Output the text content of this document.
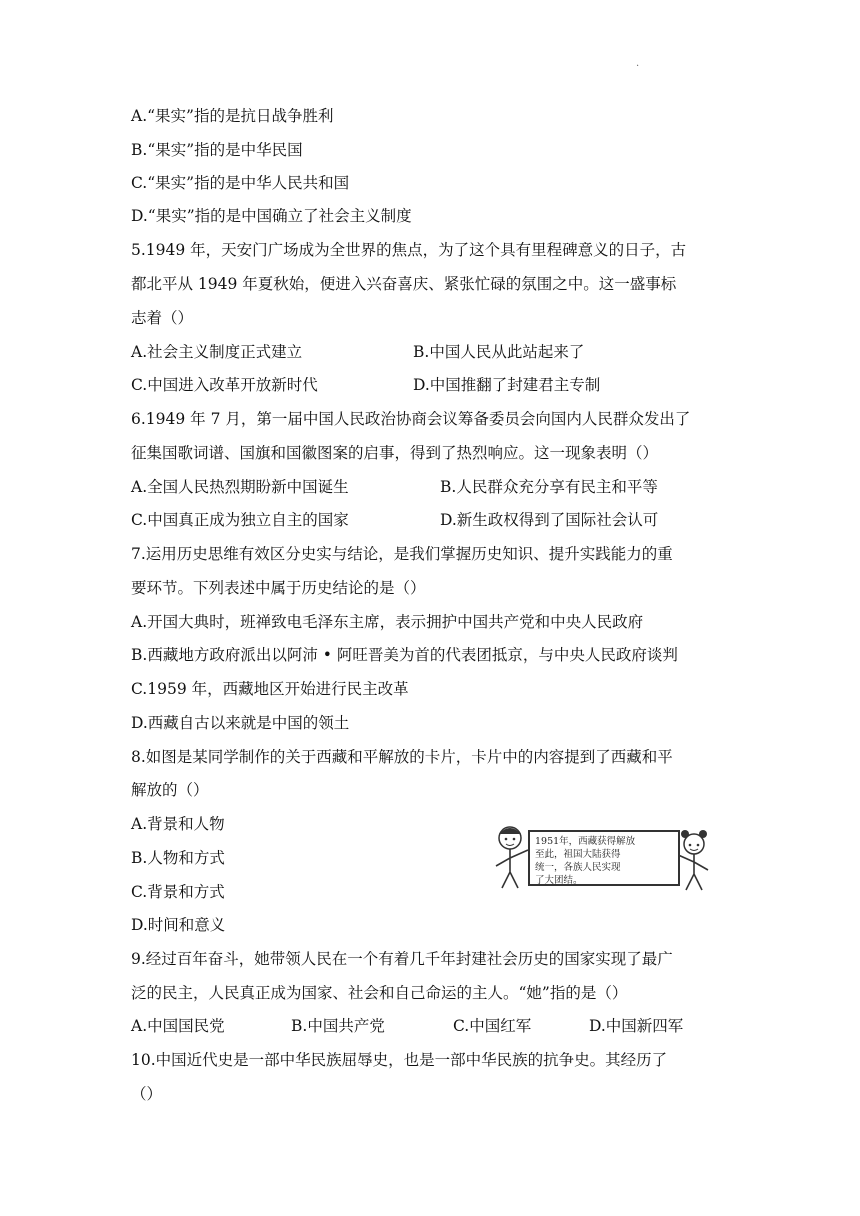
.
A.“果实”指的是抗日战争胜利
B.“果实”指的是中华民国
C.“果实”指的是中华人民共和国
D.“果实”指的是中国确立了社会主义制度
5.1949 年，天安门广场成为全世界的焦点，为了这个具有里程碑意义的日子，古
都北平从 1949 年夏秋始，便进入兴奋喜庆、紧张忙碌的氛围之中。这一盛事标
志着（）
A.社会主义制度正式建立	B.中国人民从此站起来了
C.中国进入改革开放新时代	D.中国推翻了封建君主专制
6.1949 年 7 月，第一届中国人民政治协商会议筹备委员会向国内人民群众发出了
征集国歌词谱、国旗和国徽图案的启事，得到了热烈响应。这一现象表明（）
A.全国人民热烈期盼新中国诞生	B.人民群众充分享有民主和平等
C.中国真正成为独立自主的国家	D.新生政权得到了国际社会认可
7.运用历史思维有效区分史实与结论，是我们掌握历史知识、提升实践能力的重
要环节。下列表述中属于历史结论的是（）
A.开国大典时，班禅致电毛泽东主席，表示拥护中国共产党和中央人民政府
B.西藏地方政府派出以阿沛 • 阿旺晋美为首的代表团抵京，与中央人民政府谈判
C.1959 年，西藏地区开始进行民主改革
D.西藏自古以来就是中国的领土
8.如图是某同学制作的关于西藏和平解放的卡片，卡片中的内容提到了西藏和平
解放的（）
A.背景和人物
B.人物和方式
C.背景和方式
D.时间和意义
1951年，西藏获得解放
至此，祖国大陆获得
统一，各族人民实现
了大团结。
9.经过百年奋斗，她带领人民在一个有着几千年封建社会历史的国家实现了最广
泛的民主，人民真正成为国家、社会和自己命运的主人。“她”指的是（）
A.中国国民党	B.中国共产党	C.中国红军	D.中国新四军
10.中国近代史是一部中华民族屈辱史，也是一部中华民族的抗争史。其经历了
（）
